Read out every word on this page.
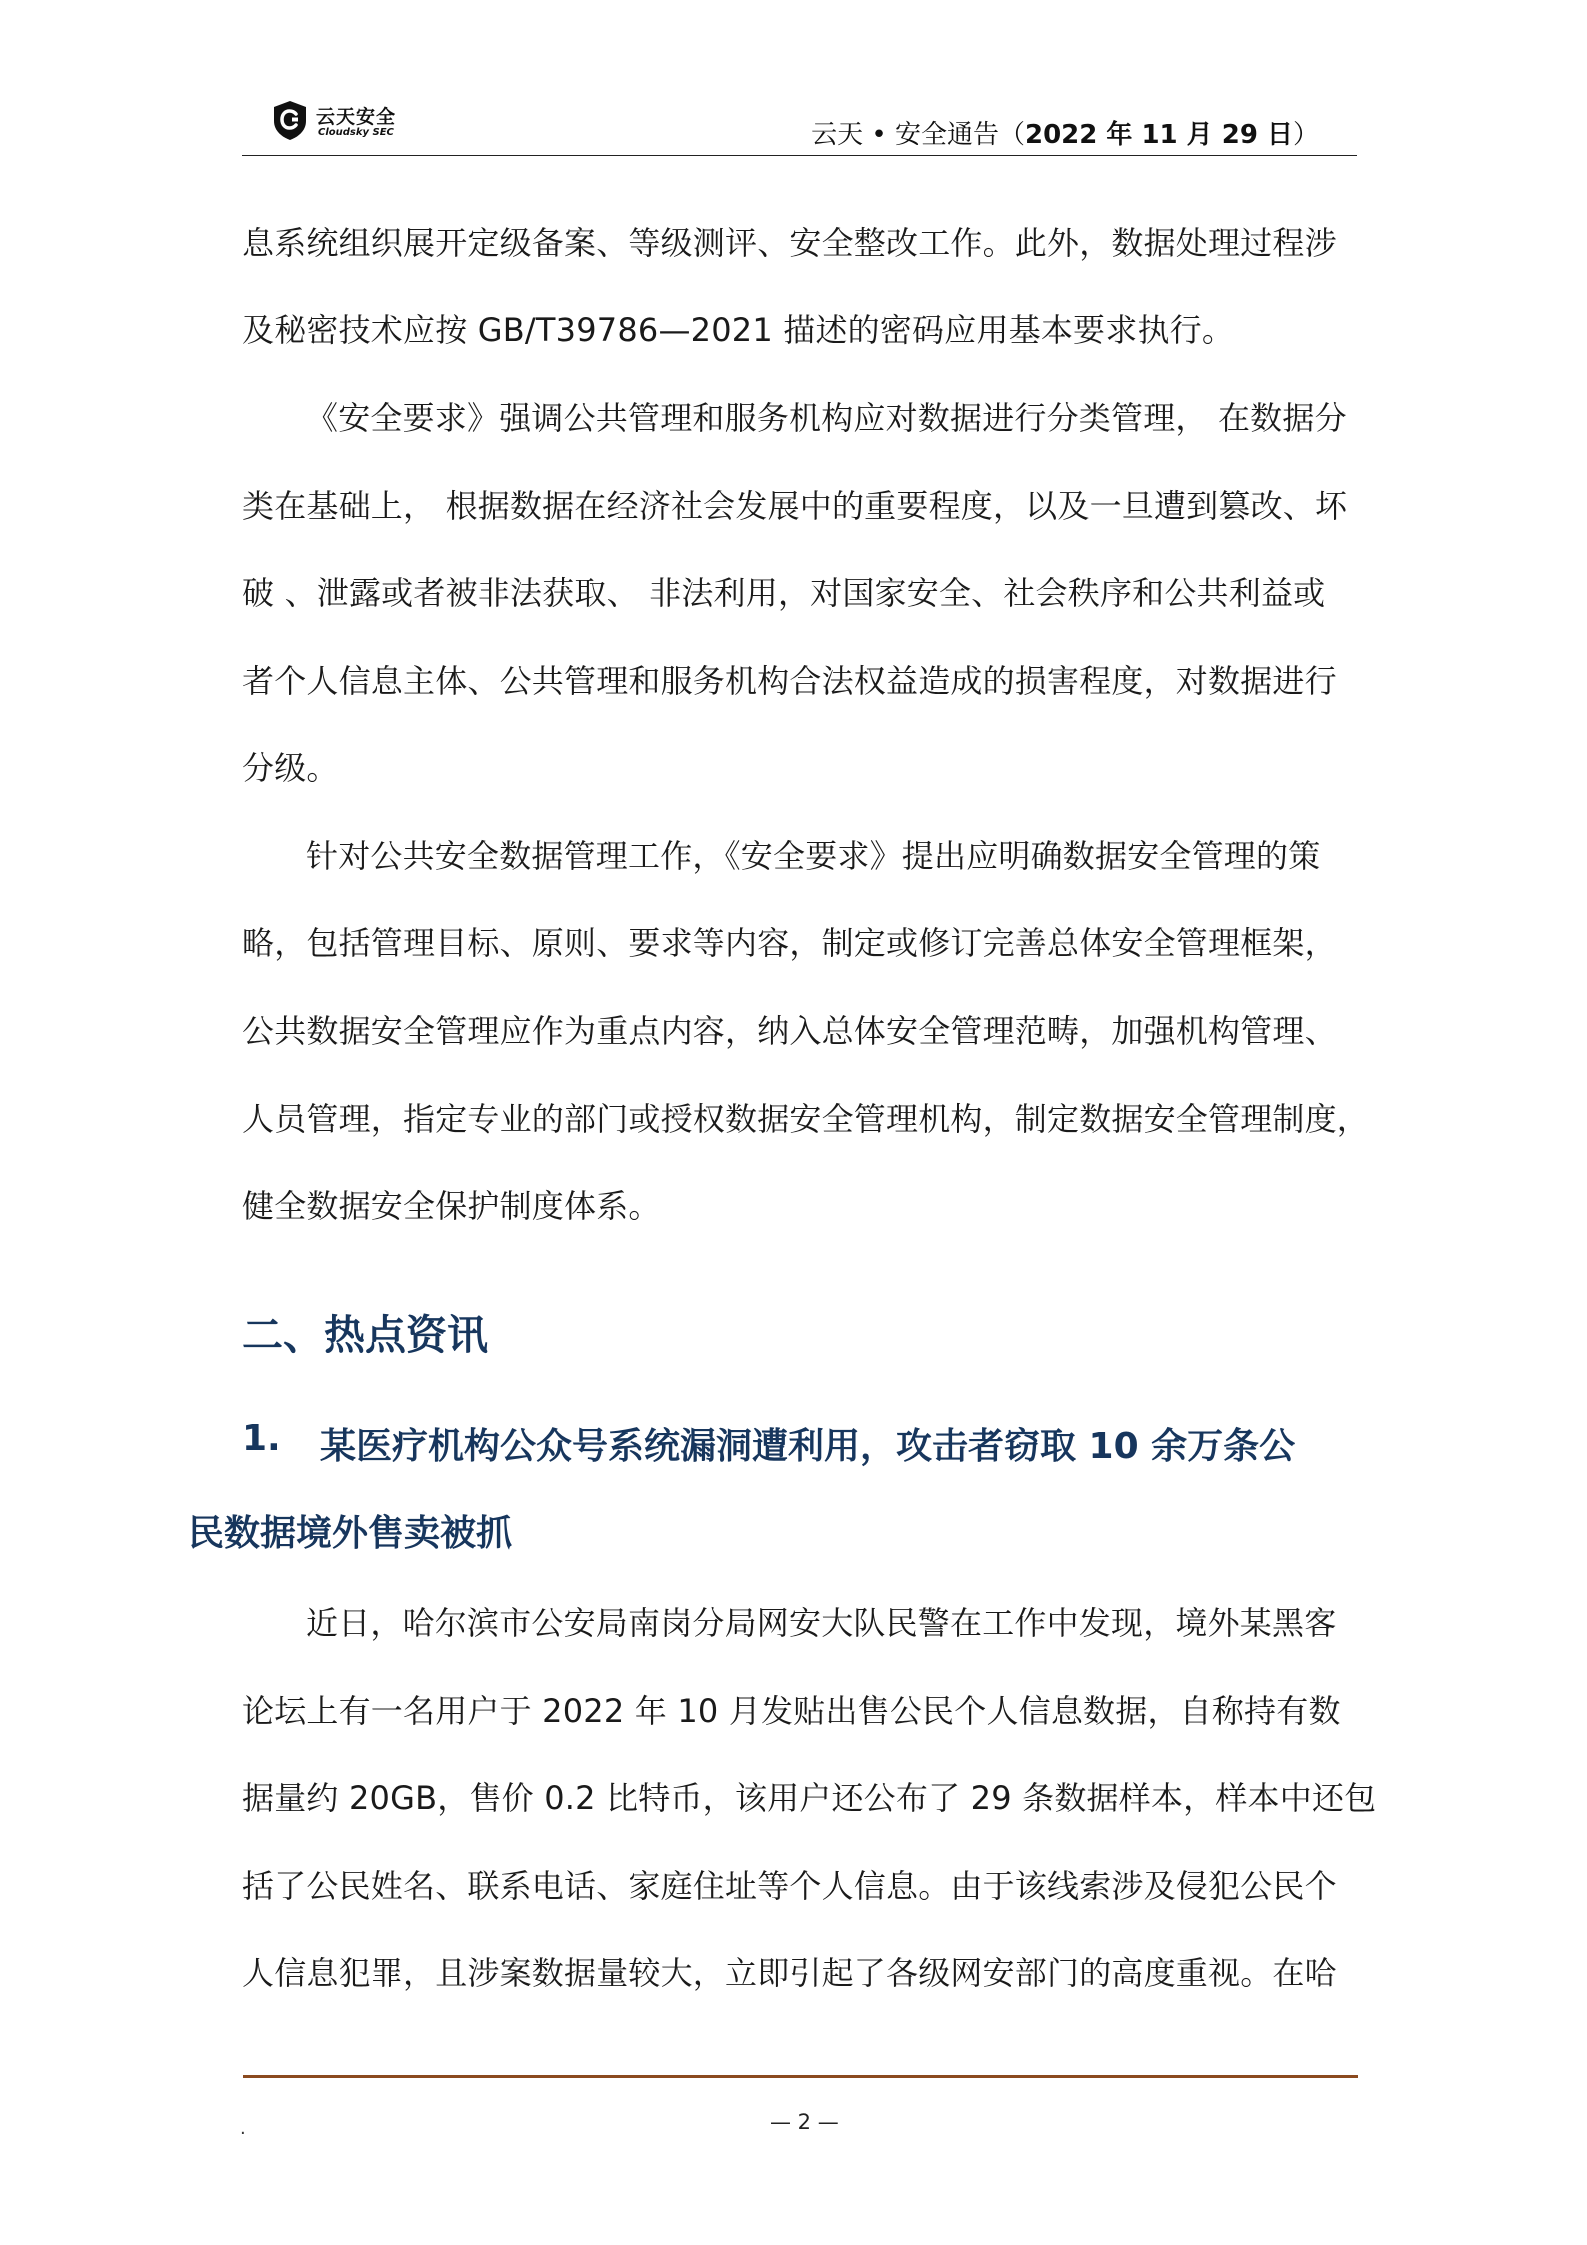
云天安全
Cloudsky SEC	云天 • 安全通告（2022 年 11 月 29 日）
息系统组织展开定级备案、等级测评、安全整改工作。此外，数据处理过程涉
及秘密技术应按 GB/T39786—2021 描述的密码应用基本要求执行。
《安全要求》强调公共管理和服务机构应对数据进行分类管理， 在数据分
类在基础上， 根据数据在经济社会发展中的重要程度，以及一旦遭到篡改、坏
破 、泄露或者被非法获取、 非法利用，对国家安全、社会秩序和公共利益或
者个人信息主体、公共管理和服务机构合法权益造成的损害程度，对数据进行
分级。
针对公共安全数据管理工作，《安全要求》提出应明确数据安全管理的策
略，包括管理目标、原则、要求等内容，制定或修订完善总体安全管理框架，
公共数据安全管理应作为重点内容，纳入总体安全管理范畴，加强机构管理、
人员管理，指定专业的部门或授权数据安全管理机构，制定数据安全管理制度，
健全数据安全保护制度体系。
二、热点资讯
1. 某医疗机构公众号系统漏洞遭利用，攻击者窃取 10 余万条公
民数据境外售卖被抓
近日，哈尔滨市公安局南岗分局网安大队民警在工作中发现，境外某黑客
论坛上有一名用户于 2022 年 10 月发贴出售公民个人信息数据，自称持有数
据量约 20GB，售价 0.2 比特币，该用户还公布了 29 条数据样本，样本中还包
括了公民姓名、联系电话、家庭住址等个人信息。由于该线索涉及侵犯公民个
人信息犯罪，且涉案数据量较大，立即引起了各级网安部门的高度重视。在哈
.	— 2 —
